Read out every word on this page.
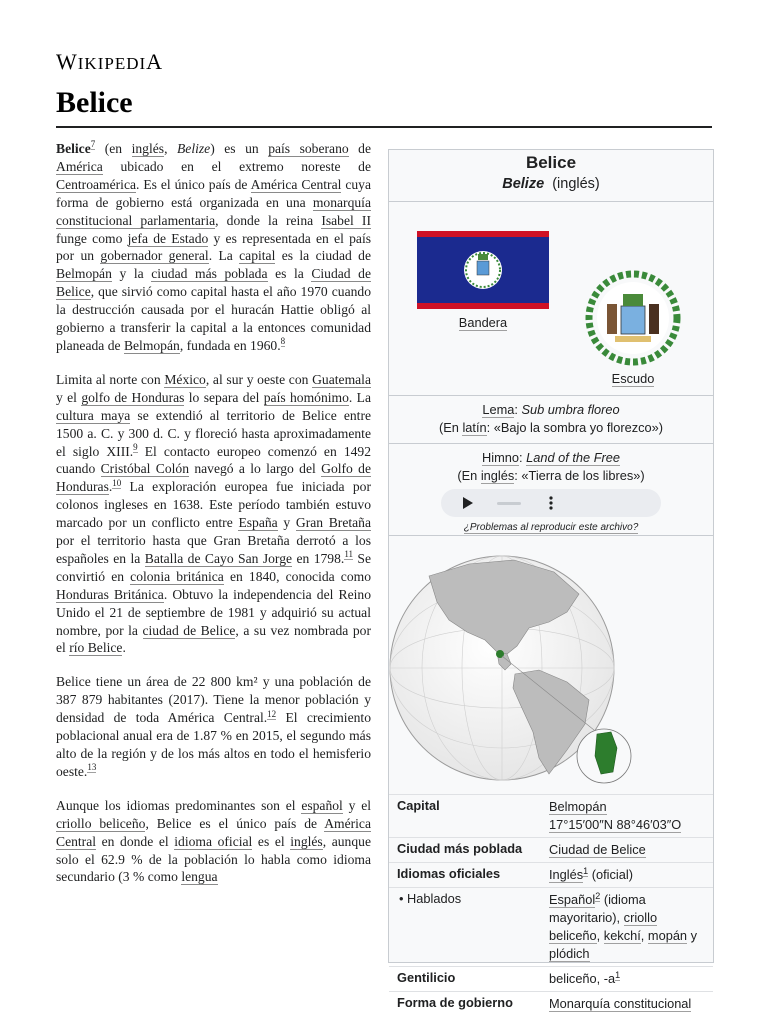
WIKIPEDIA
Belice

Belice$^7$ (en inglés, Belize) es un país soberano de América ubicado en el extremo noreste de Centroamérica. Es el único país de América Central cuya forma de gobierno está organizada en una monarquía constitucional parlamentaria, donde la reina Isabel II funge como jefa de Estado y es representada en el país por un gobernador general. La capital es la ciudad de Belmopán y la ciudad más poblada es la Ciudad de Belice, que sirvió como capital hasta el año 1970 cuando la destrucción causada por el huracán Hattie obligó al gobierno a transferir la capital a la entonces comunidad planeada de Belmopán, fundada en 1960.$^8$

Limita al norte con México, al sur y oeste con Guatemala y el golfo de Honduras lo separa del país homónimo. La cultura maya se extendió al territorio de Belice entre 1500 a. C. y 300 d. C. y floreció hasta aproximadamente el siglo XIII.$^9$ El contacto europeo comenzó en 1492 cuando Cristóbal Colón navegó a lo largo del Golfo de Honduras.$^{10}$ La exploración europea fue iniciada por colonos ingleses en 1638. Este período también estuvo marcado por un conflicto entre España y Gran Bretaña por el territorio hasta que Gran Bretaña derrotó a los españoles en la Batalla de Cayo San Jorge en 1798.11 Se convirtió en colonia británica en 1840, conocida como Honduras Británica. Obtuvo la independencia del Reino Unido el 21 de septiembre de 1981 y adquirió su actual nombre, por la ciudad de Belice, a su vez nombrada por el río Belice.

Belice tiene un área de 22 800 km² y una población de 387 879 habitantes (2017). Tiene la menor población y densidad de toda América Central.$^{12}$ El crecimiento poblacional anual era de 1.87 % en 2015, el segundo más alto de la región y de los más altos en todo el hemisferio oeste.$^{13}$

Aunque los idiomas predominantes son el español y el criollo beliceño, Belice es el único país de América Central en donde el idioma oficial es el inglés, aunque solo el 62.9 % de la población lo habla como idioma secundario (3 % como lengua

Belice
Belize (inglés)
Bandera
Escudo
Lema: Sub umbra floreo
(En latín: «Bajo la sombra yo florezco»)
Himno: Land of the Free
(En inglés: «Tierra de los libres»)
¿Problemas al reproducir este archivo?
Capital	Belmopán
17°15′00″N 88°46′03″O
Ciudad más poblada	Ciudad de Belice
Idiomas oficiales	Inglés$^1$ (oficial)
• Hablados	Español$^2$ (idioma mayoritario), criollo beliceño, kekchí, mopán y plódich
Gentilicio	beliceño, $-a^1$
Forma de gobierno	Monarquía constitucional
